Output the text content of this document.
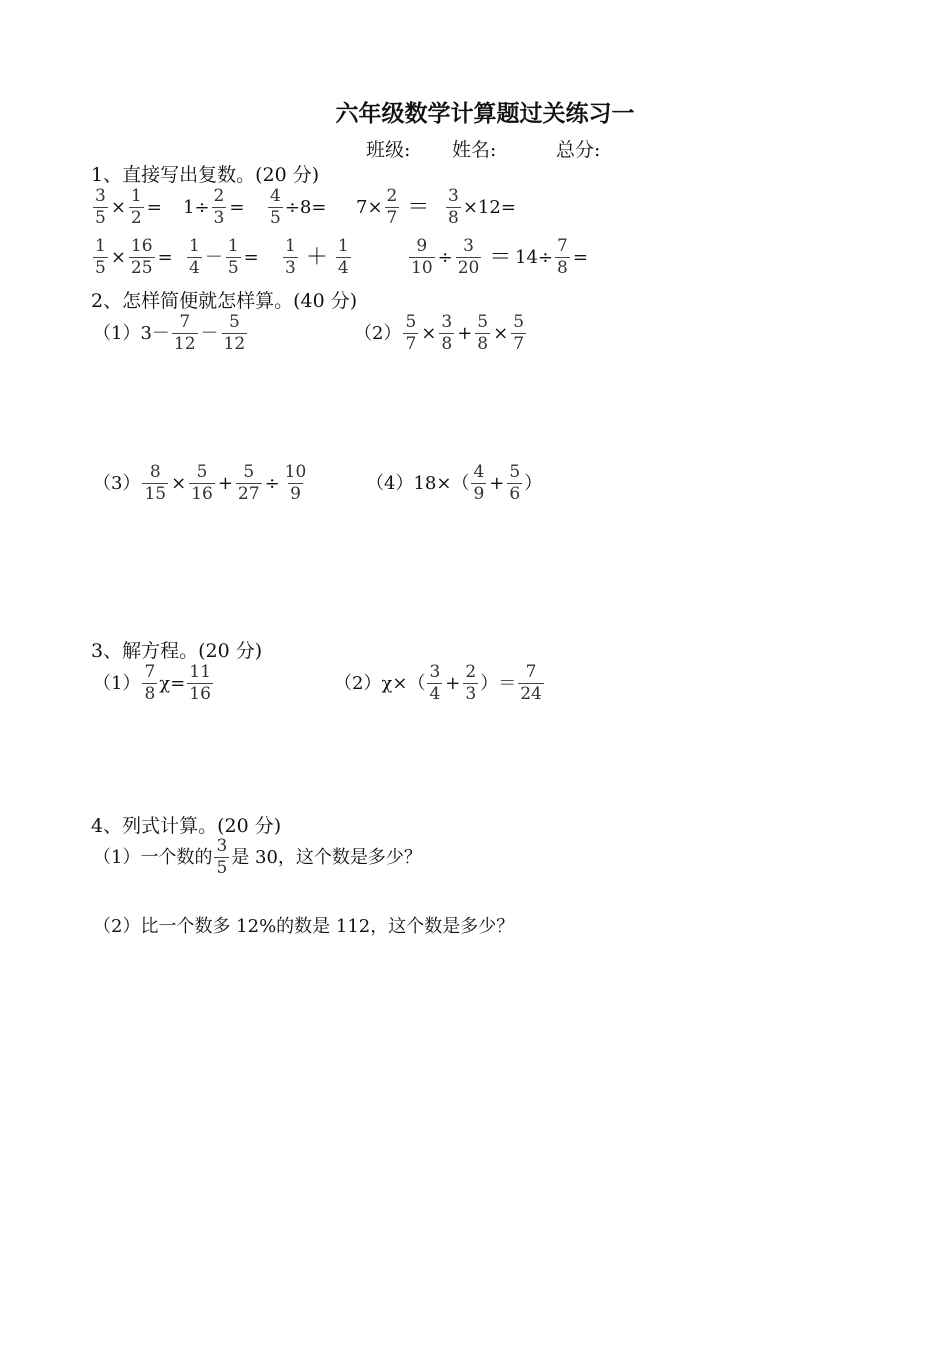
六年级数学计算题过关练习一
班级: 姓名:	总分:
1、直接写出复数。(20 分)
$\frac{3}{5} \times \frac{1}{2} = 1\div \frac{2}{3} = \frac{4}{5} \div 8= 7\times \frac{2}{7} = \frac{3}{8} \times 12=$
$\frac{1}{5} \times \frac{16}{25} = \frac{1}{4} - \frac{1}{5} = \frac{1}{3} + \frac{1}{4}$	$\frac{9}{10} \div \frac{3}{20} = 14\div \frac{7}{8}$ =
2、怎样简便就怎样算。(40 分)
（1） $3- \frac{7}{12} - \frac{5}{12}$	$(2) \frac{5}{7} \times \frac{3}{8} + \frac{5}{8} \times \frac{5}{7}$
$(3) \frac{8}{15} \times \frac{5}{16} + \frac{5}{27} \div \frac{10}{9}$	（4） $18\times( \frac{4}{9} + \frac{5}{6}$ ）
3、解方程。(20 分)
$(1) \frac{7}{8} \chi= \frac{11}{16}$	（2） $\chi\times( \frac{3}{4} + \frac{2}{3}$ ）＝ $\frac{7}{24}$
4、列式计算。(20 分)
（1） 一个数的 $\frac{3}{5}$ 是 30，这个数是多少？
（2）比一个数多 12%的数是 112，这个数是多少？
